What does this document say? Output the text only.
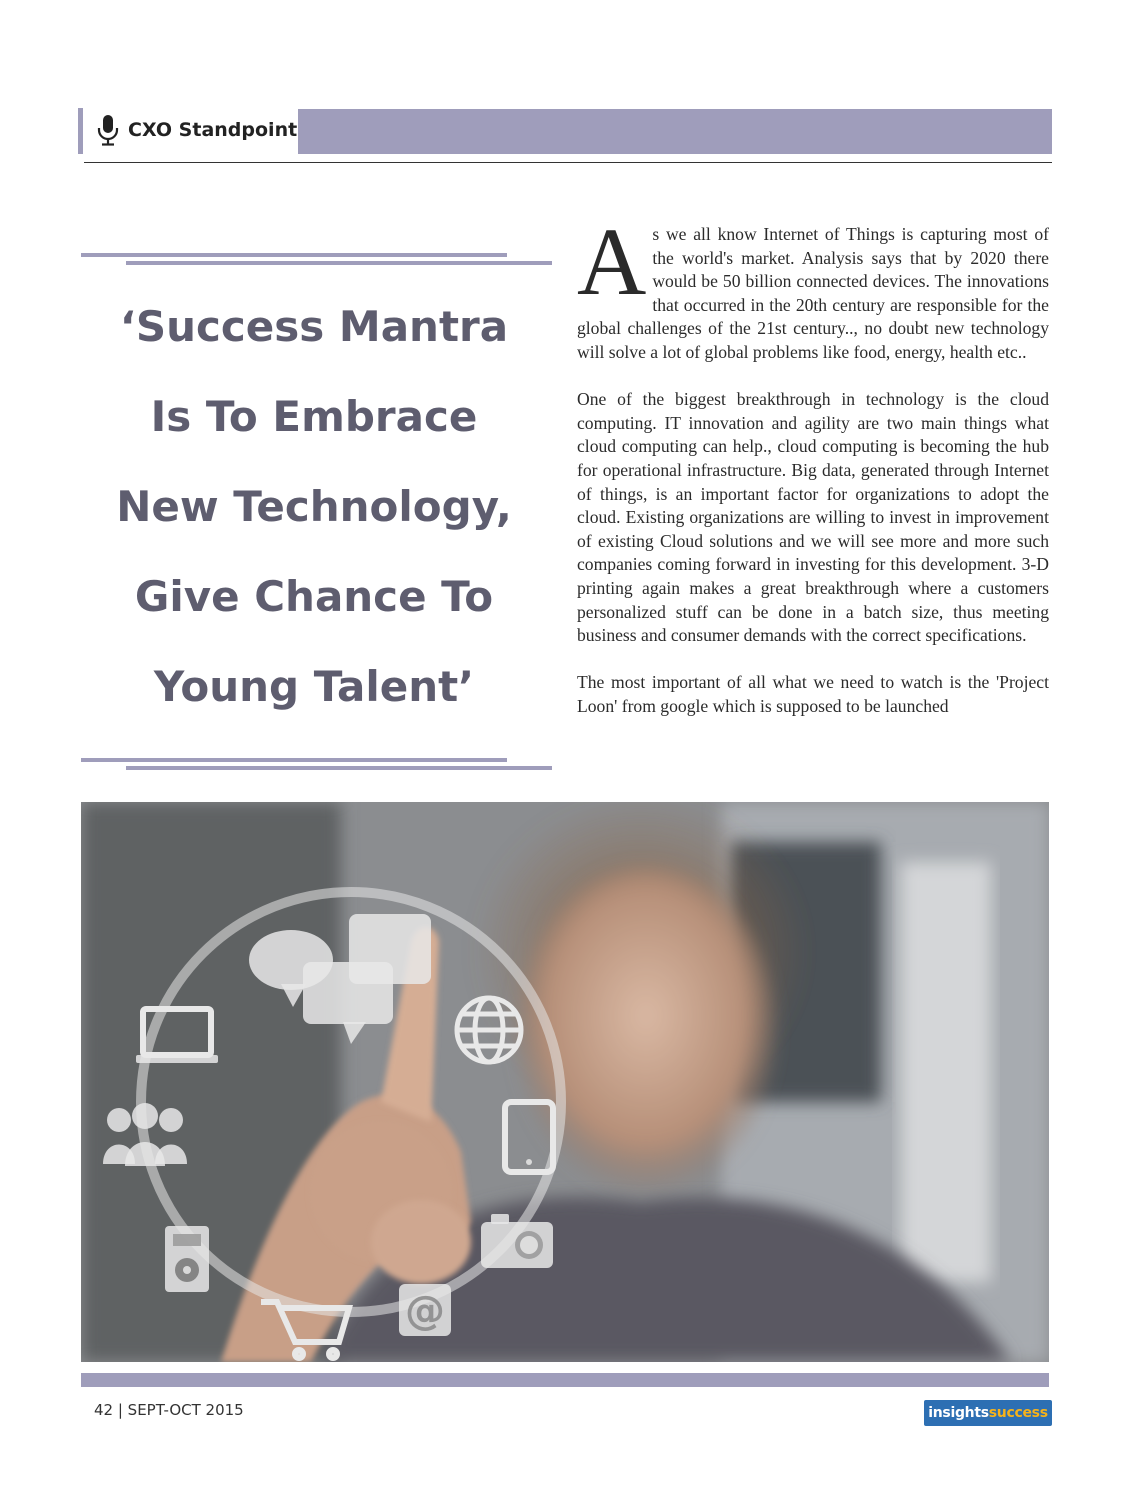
CXO Standpoint
‘Success Mantra
Is To Embrace
New Technology,
Give Chance To
Young Talent’

As we all know Internet of Things is capturing most of the world's market. Analysis says that by 2020 there would be 50 billion connected devices. The innovations that occurred in the 20th century are responsible for the global challenges of the 21st century.., no doubt new technology will solve a lot of global problems like food, energy, health etc..

One of the biggest breakthrough in technology is the cloud computing. IT innovation and agility are two main things what cloud computing can help., cloud computing is becoming the hub for operational infrastructure. Big data, generated through Internet of things, is an important factor for organizations to adopt the cloud. Existing organizations are willing to invest in improvement of existing Cloud solutions and we will see more and more such companies coming forward in investing for this development. 3-D printing again makes a great breakthrough where a customers personalized stuff can be done in a batch size, thus meeting business and consumer demands with the correct specifications.

The most important of all what we need to watch is the 'Project Loon' from google which is supposed to be launched

@
42 | SEPT-OCT 2015	insights success
